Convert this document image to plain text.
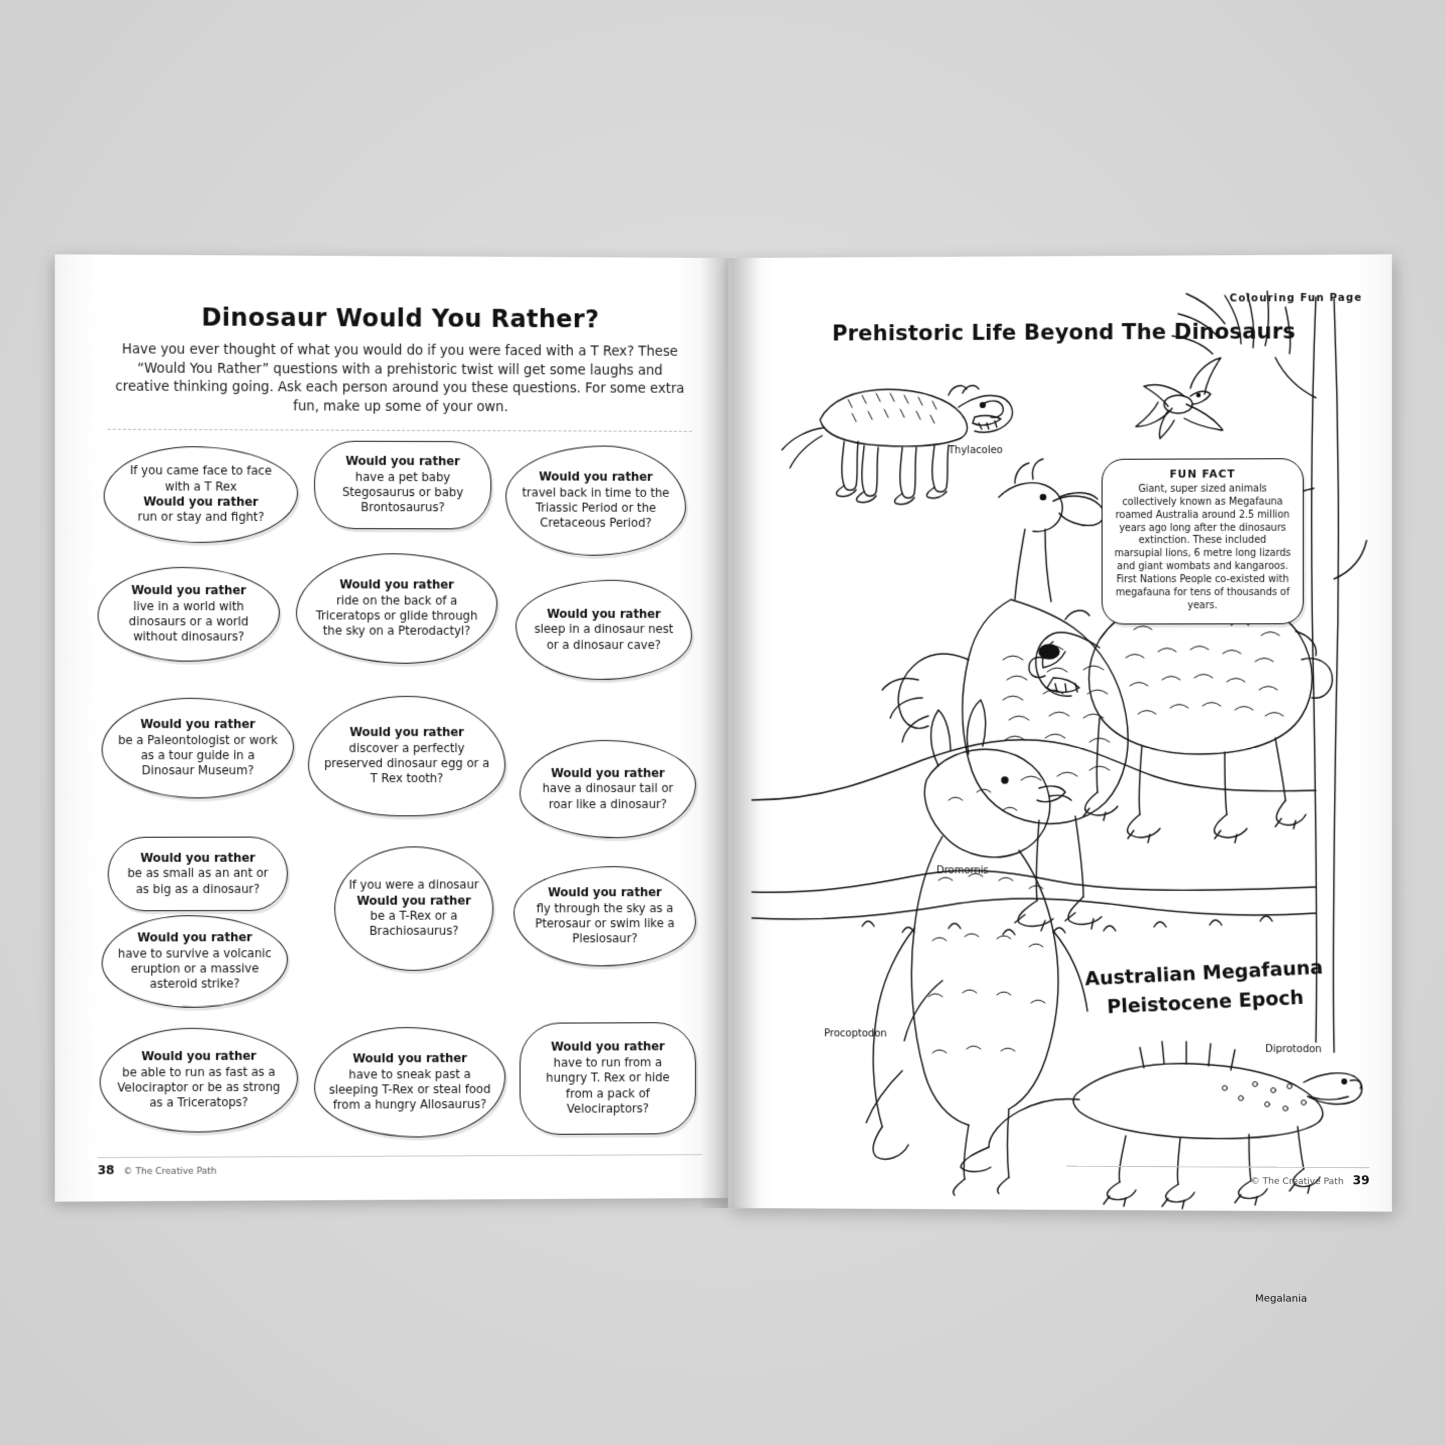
Dinosaur Would You Rather?
Have you ever thought of what you would do if you were faced with a T Rex? These “Would You Rather” questions with a prehistoric twist will get some laughs and creative thinking going. Ask each person around you these questions. For some extra fun, make up some of your own.
If you came face to face with a T Rex
Would you rather
run or stay and fight?
Would you rather
have a pet baby Stegosaurus or baby Brontosaurus?
Would you rather
travel back in time to the Triassic Period or the Cretaceous Period?
Would you rather
live in a world with dinosaurs or a world without dinosaurs?
Would you rather
ride on the back of a Triceratops or glide through the sky on a Pterodactyl?
Would you rather
sleep in a dinosaur nest or a dinosaur cave?
Would you rather
be a Paleontologist or work as a tour guide in a Dinosaur Museum?
Would you rather
discover a perfectly preserved dinosaur egg or a T Rex tooth?	Would you rather
have a dinosaur tail or roar like a dinosaur?
Would you rather
be as small as an ant or as big as a dinosaur?	If you were a dinosaur
Would you rather
be a T-Rex or a Brachiosaurus?
Would you rather
fly through the sky as a Pterosaur or swim like a Plesiosaur?
Would you rather
have to survive a volcanic eruption or a massive asteroid strike?
Would you rather
be able to run as fast as a Velociraptor or be as strong as a Triceratops?
Would you rather
have to sneak past a sleeping T-Rex or steal food from a hungry Allosaurus?
Would you rather
have to run from a hungry T. Rex or hide from a pack of Velociraptors?
38 © The Creative Path
Colouring Fun Page
Prehistoric Life Beyond The Dinosaurs
FUN FACT
Giant, super sized animals collectively known as Megafauna roamed Australia around 2.5 million years ago long after the dinosaurs extinction. These included marsupial lions, 6 metre long lizards and giant wombats and kangaroos. First Nations People co-existed with megafauna for tens of thousands of years.
Thylacoleo
Dromornis
Diprotodon
Procoptodon
Megalania
Australian Megafauna
Pleistocene Epoch
© The Creative Path 39
